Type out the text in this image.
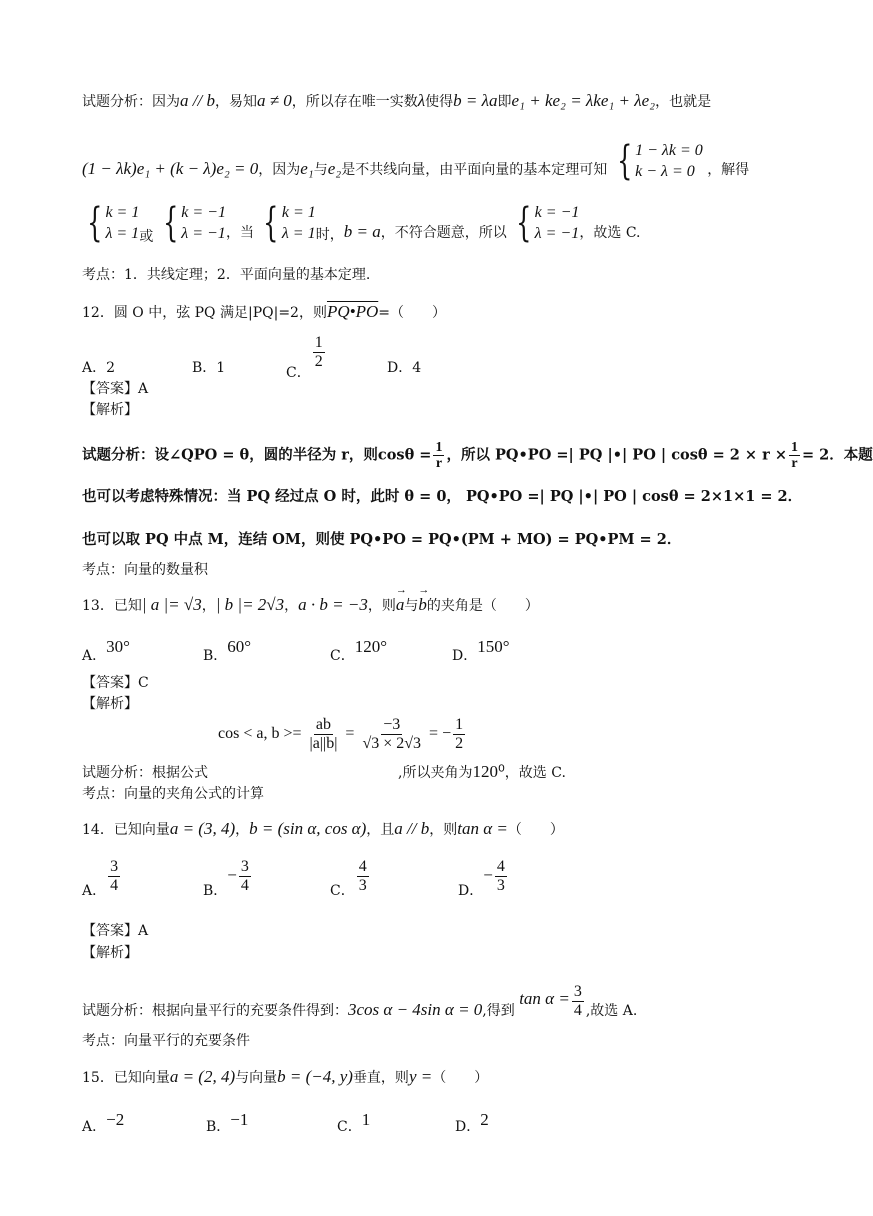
试题分析：因为a // b，易知a ≠ 0，所以存在唯一实数λ使得b = λa即e₁ + ke₂ = λke₁ + λe₂，也就是
(1 − λk)e₁ + (k − λ)e₂ = 0，因为e₁与e₂是不共线向量，由平面向量的基本定理可知 { 1 − λk = 0
k − λ = 0 ，解得
{ k = 1
λ = 1 或 { k = −1
λ = −1 ，当 { k = 1
λ = 1 时，b = a，不符合题意，所以 { k = −1
λ = −1 ，故选 C.
考点：1．共线定理；2．平面向量的基本定理.
12．圆 O 中，弦 PQ 满足|PQ|=2，则PQ•PO=（　　）
A．2	B．1	C．
$\frac{1}{2}$	D．4
【答案】A
【解析】
试题分析：设∠QPO = θ，圆的半径为 r，则$\cos\theta = \frac{1}{r}$ ，所以 PQ•PO =| PQ |•| PO | $\cos\theta = 2 \times r \times \frac{1}{r} = 2$．本题
也可以考虑特殊情况：当 PQ 经过点 O 时，此时 θ = 0， PQ•PO =| PQ |•| PO | cosθ = 2×1×1 = 2．
也可以取 PQ 中点 M，连结 OM，则使 PQ•PO = PQ•(PM + MO) = PQ•PM = 2．
考点：向量的数量积
13．已知| a |= √3，| b |= 2√3，a · b = −3，则→ a与→ b的夹角是（　　）
A．30°	B．60°	C．120°	D．150°
【答案】C
【解析】
cos < a, $b >= \frac{ab}{|a||b|} = \frac{-3}{√3 \times 2√3}$ = − $\frac{1}{2}$
试题分析：根据公式	,所以夹角为120⁰，故选 C.
考点：向量的夹角公式的计算
14．已知向量a = (3, 4)，b = (sin α, cos α)，且a // b，则tan α =（　　）
A． $\frac{3}{4}$	B．− $\frac{3}{4}$	C． $\frac{4}{3}$	D．− $\frac{4}{3}$
【答案】A
【解析】
试题分析：根据向量平行的充要条件得到：3cos α − 4sin α = 0,得到 $\tan \alpha = \frac{3}{4}$ ,故选 A.
考点：向量平行的充要条件
15．已知向量a = (2, 4)与向量b = (−4, y)垂直，则y =（　　）
A．−2	B．−1	C．1	D．2
